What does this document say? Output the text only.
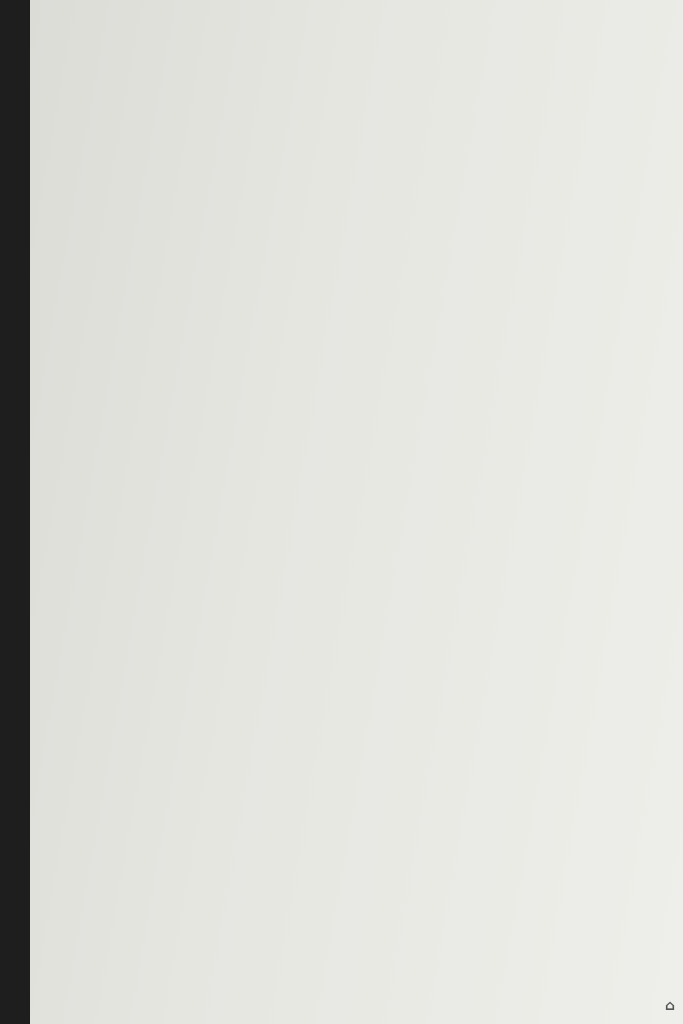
⌂
